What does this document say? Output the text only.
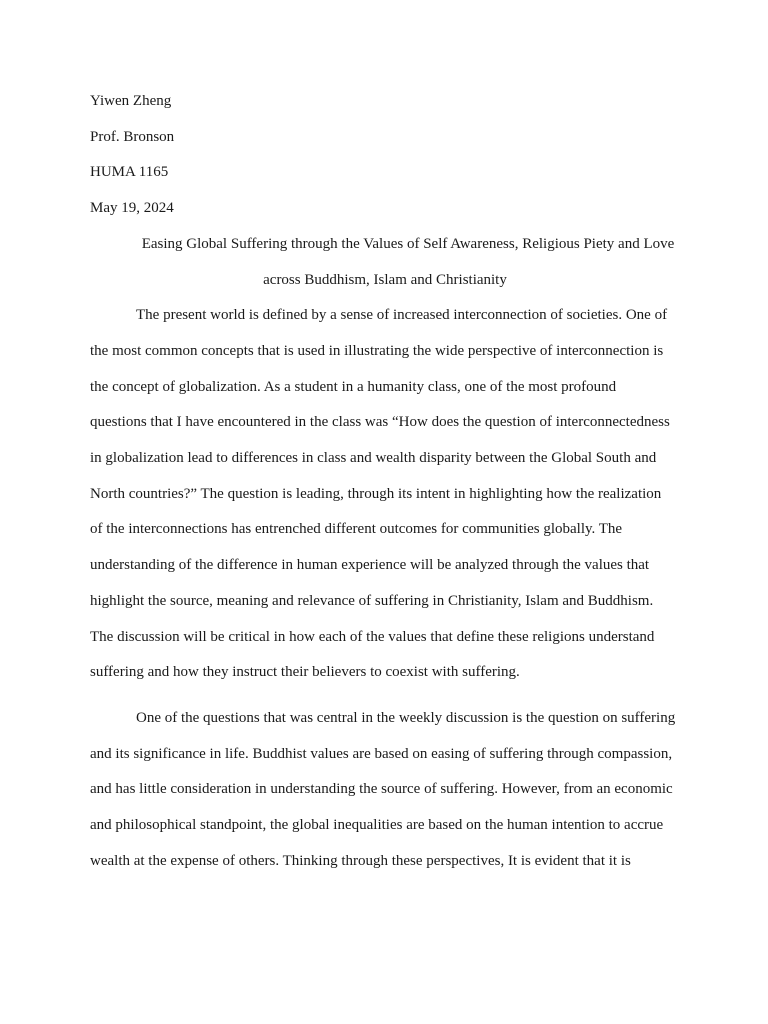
Yiwen Zheng

Prof. Bronson

HUMA 1165

May 19, 2024

Easing Global Suffering through the Values of Self Awareness, Religious Piety and Love
across Buddhism, Islam and Christianity
The present world is defined by a sense of increased interconnection of societies. One of
the most common concepts that is used in illustrating the wide perspective of interconnection is
the concept of globalization. As a student in a humanity class, one of the most profound
questions that I have encountered in the class was “How does the question of interconnectedness
in globalization lead to differences in class and wealth disparity between the Global South and
North countries?” The question is leading, through its intent in highlighting how the realization
of the interconnections has entrenched different outcomes for communities globally. The
understanding of the difference in human experience will be analyzed through the values that
highlight the source, meaning and relevance of suffering in Christianity, Islam and Buddhism.
The discussion will be critical in how each of the values that define these religions understand
suffering and how they instruct their believers to coexist with suffering.
One of the questions that was central in the weekly discussion is the question on suffering
and its significance in life. Buddhist values are based on easing of suffering through compassion,
and has little consideration in understanding the source of suffering. However, from an economic
and philosophical standpoint, the global inequalities are based on the human intention to accrue
wealth at the expense of others. Thinking through these perspectives, It is evident that it is
